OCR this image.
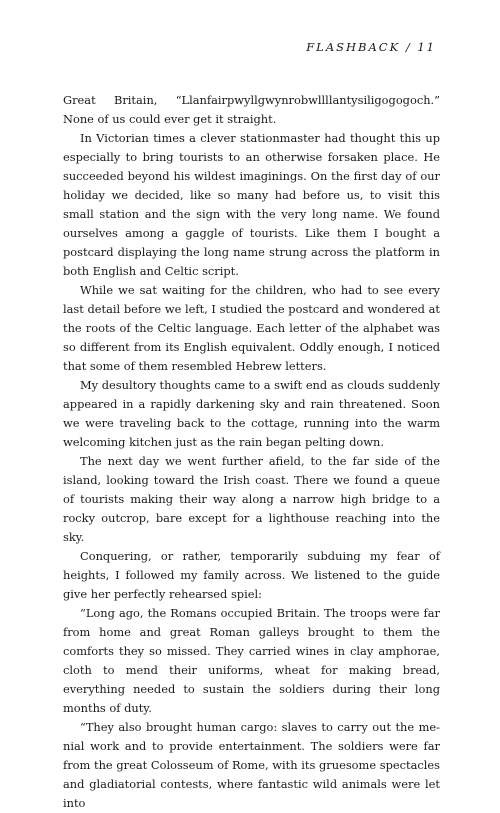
FLASHBACK / 11

Great Britain, “Llanfairpwyllgwynrobwllllantysiligogogoch.” None of us could ever get it straight.

In Victorian times a clever stationmaster had thought this up especially to bring tourists to an otherwise forsaken place. He succeeded beyond his wildest imaginings. On the first day of our holiday we decided, like so many had before us, to visit this small station and the sign with the very long name. We found ourselves among a gaggle of tourists. Like them I bought a postcard displaying the long name strung across the platform in both English and Celtic script.

While we sat waiting for the children, who had to see every last detail before we left, I studied the postcard and wondered at the roots of the Celtic language. Each letter of the alphabet was so different from its English equivalent. Oddly enough, I noticed that some of them resembled Hebrew letters.

My desultory thoughts came to a swift end as clouds suddenly appeared in a rapidly darkening sky and rain threatened. Soon we were traveling back to the cottage, running into the warm welcoming kitchen just as the rain began pelting down.

The next day we went further afield, to the far side of the island, looking toward the Irish coast. There we found a queue of tourists making their way along a narrow high bridge to a rocky outcrop, bare except for a lighthouse reaching into the sky.

Conquering, or rather, temporarily subduing my fear of heights, I followed my family across. We listened to the guide give her perfectly rehearsed spiel:

“Long ago, the Romans occupied Britain. The troops were far from home and great Roman galleys brought to them the comforts they so missed. They carried wines in clay amphorae, cloth to mend their uniforms, wheat for making bread, everything needed to sustain the soldiers during their long months of duty.

“They also brought human cargo: slaves to carry out the menial work and to provide entertainment. The soldiers were far from the great Colosseum of Rome, with its gruesome spectacles and gladiatorial contests, where fantastic wild animals were let into
